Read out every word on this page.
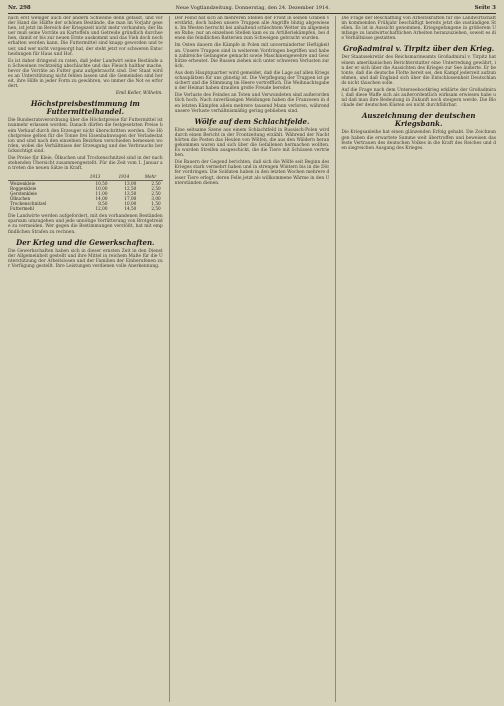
Nr. 298	Neue Vogtlandzeitung. Donnerstag, den 24. Dezember 1914.	Seite 3
nach erst weniger auch der andern Schweine denn gefasst, und vor der Hand die Hälfte der schönen Bestände, die man im Vorjahr gesehen, ist jetzt im Bereich der Kriegszeit nicht mehr vorhanden; der Bauer muß seine Vorräte an Kartoffeln und Getreide gründlich durchsehen, damit er bis zur neuen Ernte auskommt und das Vieh doch noch erhalten werden kann. Die Futtermittel sind knapp geworden und teuer, und wer nicht vorgesorgt hat, der steht jetzt vor schweren Entscheidungen für Haus und Hof.
Es ist daher dringend zu raten, daß jeder Landwirt seine Bestände an Schweinen rechtzeitig abschlachte und das Fleisch haltbar mache, bevor die Vorräte an Futter ganz aufgebraucht sind. Der Staat wird es an Unterstützung nicht fehlen lassen und die Gemeinden sind bereit, ihre Hilfe in jeder Form zu gewähren, wo immer die Not es erfordert.
Emil Keller, Wilhelm.
Höchstpreisbestimmung im Futtermittelhandel.
Die Bundesratsverordnung über die Höchstpreise für Futtermittel ist nunmehr erlassen worden. Danach dürfen die festgesetzten Preise beim Verkauf durch den Erzeuger nicht überschritten werden. Die Höchstpreise gelten für die Tonne frei Eisenbahnwagen der Verladestation und sind nach den einzelnen Bezirken verschieden bemessen worden, wobei die Verhältnisse der Erzeugung und des Verbrauchs berücksichtigt sind.
Die Preise für Kleie, Ölkuchen und Trockenschnitzel sind in der nachstehenden Übersicht zusammengestellt. Für die Zeit vom 1. Januar an treten die neuen Sätze in Kraft.
	1913	1914	Mehr
Weizenkleie	10,50	13,00	2,50
Roggenkleie	10,00	12,50	2,50
Gerstenkleie	11,00	13,50	2,50
Ölkuchen	14,00	17,00	3,00
Trockenschnitzel	8,50	10,00	1,50
Futtermehl	12,00	14,50	2,50
Die Landwirte werden aufgefordert, mit den vorhandenen Beständen sparsam umzugehen und jede unnötige Verfütterung von Brotgetreide zu vermeiden. Wer gegen die Bestimmungen verstößt, hat mit empfindlichen Strafen zu rechnen.
Der Krieg und die Gewerkschaften.
Die Gewerkschaften haben sich in dieser ernsten Zeit in den Dienst der Allgemeinheit gestellt und ihre Mittel in reichem Maße für die Unterstützung der Arbeitslosen und der Familien der Einberufenen zur Verfügung gestellt. Ihre Leistungen verdienen volle Anerkennung.
Der Feind hat sich an mehreren Stellen der Front in seinen Gräben verstärkt, doch haben unsere Truppen alle Angriffe blutig abgewiesen. Im Westen herrscht bei anhaltend schlechtem Wetter im allgemeinen Ruhe; nur an einzelnen Stellen kam es zu Artilleriekämpfen, bei denen die feindlichen Batterien zum Schweigen gebracht wurden.
Im Osten dauern die Kämpfe in Polen mit unverminderter Heftigkeit an. Unsere Truppen sind in weiterem Vordringen begriffen und haben zahlreiche Gefangene gemacht sowie Maschinengewehre und Geschütze erbeutet. Die Russen ziehen sich unter schweren Verlusten zurück.
Aus dem Hauptquartier wird gemeldet, daß die Lage auf allen Kriegsschauplätzen für uns günstig ist. Die Verpflegung der Truppen ist gesichert und die Stimmung im Heere vortrefflich. Die Weihnachtsgaben der Heimat haben draußen große Freude bereitet.
Die Verluste des Feindes an Toten und Verwundeten sind außerordentlich hoch. Nach zuverlässigen Meldungen haben die Franzosen in den letzten Kämpfen allein mehrere tausend Mann verloren, während unsere Verluste verhältnismäßig gering geblieben sind.
Wölfe auf dem Schlachtfelde.
Eine seltsame Szene aus einem Schlachtfeld in Russisch-Polen wird durch einen Bericht in der Frontzeitung erzählt. Während der Nacht hörten die Posten das Heulen von Wölfen, die aus den Wäldern herangekommen waren und sich über die Gefallenen hermachen wollten. Es wurden Streifen ausgeschickt, die die Tiere mit Schüssen vertrieben.
Die Bauern der Gegend berichten, daß sich die Wölfe seit Beginn des Krieges stark vermehrt haben und in strengen Wintern bis in die Dörfer vordringen. Die Soldaten haben in den letzten Wochen mehrere dieser Tiere erlegt, deren Felle jetzt als willkommene Wärme in den Unterständen dienen.
Die Frage der Beschaffung von Arbeitskräften für die Landwirtschaft im kommenden Frühjahr beschäftigt bereits jetzt die zuständigen Stellen. Es ist in Aussicht genommen, Kriegsgefangene in größerem Umfange zu landwirtschaftlichen Arbeiten heranzuziehen, soweit es die Verhältnisse gestatten.
Großadmiral v. Tirpitz über den Krieg.
Der Staatssekretär des Reichsmarineamts Großadmiral v. Tirpitz hat einem amerikanischen Berichterstatter eine Unterredung gewährt, in der er sich über die Aussichten des Krieges zur See äußerte. Er betonte, daß die deutsche Flotte bereit sei, den Kampf jederzeit aufzunehmen, und daß England sich über die Entschlossenheit Deutschlands nicht täuschen solle.
Auf die Frage nach dem Unterseebootkrieg erklärte der Großadmiral, daß diese Waffe sich als außerordentlich wirksam erwiesen habe und daß man ihre Bedeutung in Zukunft noch steigern werde. Die Blockade der deutschen Küsten sei nicht durchführbar.
Auszeichnung der deutschen Kriegsbank.
Die Kriegsanleihe hat einen glänzenden Erfolg gehabt. Die Zeichnungen haben die erwartete Summe weit übertroffen und beweisen das feste Vertrauen des deutschen Volkes in die Kraft des Reiches und den siegreichen Ausgang des Krieges.
